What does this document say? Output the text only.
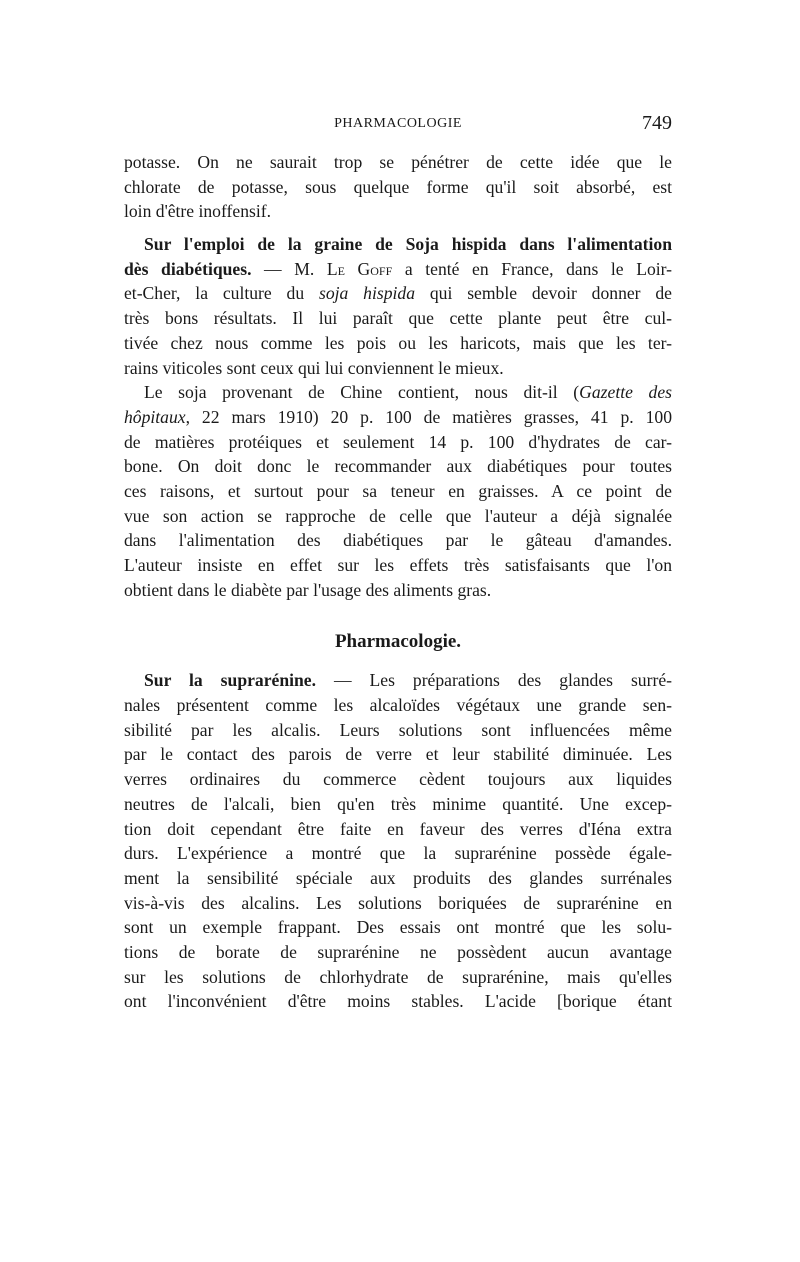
PHARMACOLOGIE	749
potasse. On ne saurait trop se pénétrer de cette idée que le
chlorate de potasse, sous quelque forme qu'il soit absorbé, est
loin d'être inoffensif.
Sur l'emploi de la graine de Soja hispida dans l'alimentation
dès diabétiques. — M. Le Goff a tenté en France, dans le Loir-
et-Cher, la culture du soja hispida qui semble devoir donner de
très bons résultats. Il lui paraît que cette plante peut être cul-
tivée chez nous comme les pois ou les haricots, mais que les ter-
rains viticoles sont ceux qui lui conviennent le mieux.
Le soja provenant de Chine contient, nous dit-il (Gazette des
hôpitaux, 22 mars 1910) 20 p. 100 de matières grasses, 41 p. 100
de matières protéiques et seulement 14 p. 100 d'hydrates de car-
bone. On doit donc le recommander aux diabétiques pour toutes
ces raisons, et surtout pour sa teneur en graisses. A ce point de
vue son action se rapproche de celle que l'auteur a déjà signalée
dans l'alimentation des diabétiques par le gâteau d'amandes.
L'auteur insiste en effet sur les effets très satisfaisants que l'on
obtient dans le diabète par l'usage des aliments gras.
Pharmacologie.
Sur la suprarénine. — Les préparations des glandes surré-
nales présentent comme les alcaloïdes végétaux une grande sen-
sibilité par les alcalis. Leurs solutions sont influencées même
par le contact des parois de verre et leur stabilité diminuée. Les
verres ordinaires du commerce cèdent toujours aux liquides
neutres de l'alcali, bien qu'en très minime quantité. Une excep-
tion doit cependant être faite en faveur des verres d'Iéna extra
durs. L'expérience a montré que la suprarénine possède égale-
ment la sensibilité spéciale aux produits des glandes surrénales
vis-à-vis des alcalins. Les solutions boriquées de suprarénine en
sont un exemple frappant. Des essais ont montré que les solu-
tions de borate de suprarénine ne possèdent aucun avantage
sur les solutions de chlorhydrate de suprarénine, mais qu'elles
ont l'inconvénient d'être moins stables. L'acide [borique étant
